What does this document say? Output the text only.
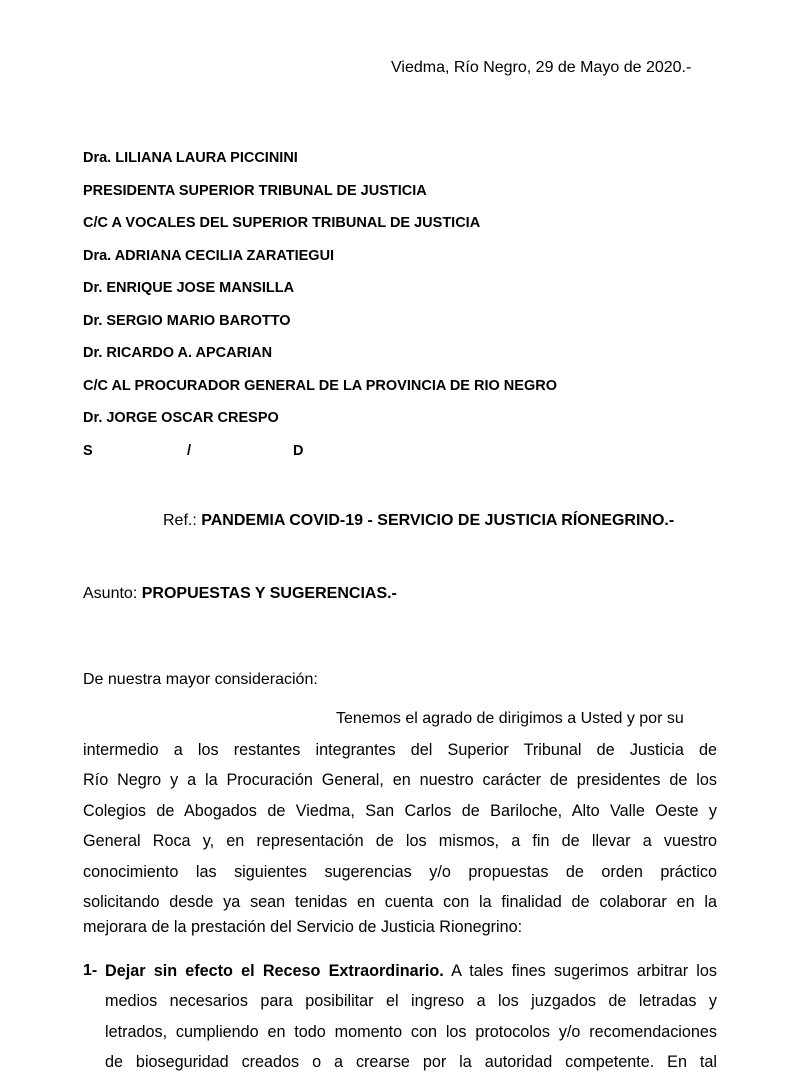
Viedma, Río Negro, 29 de Mayo de 2020.-
Dra. LILIANA LAURA PICCININI
PRESIDENTA SUPERIOR TRIBUNAL DE JUSTICIA
C/C A VOCALES DEL SUPERIOR TRIBUNAL DE JUSTICIA
Dra. ADRIANA CECILIA ZARATIEGUI
Dr. ENRIQUE JOSE MANSILLA
Dr. SERGIO MARIO BAROTTO
Dr. RICARDO A. APCARIAN
C/C AL PROCURADOR GENERAL DE LA PROVINCIA DE RIO NEGRO
Dr. JORGE OSCAR CRESPO
S	/	D

Ref.: PANDEMIA COVID-19 - SERVICIO DE JUSTICIA RÍONEGRINO.-
Asunto: PROPUESTAS Y SUGERENCIAS.-
De nuestra mayor consideración:
Tenemos el agrado de dirigimos a Usted y por su
intermedio a los restantes integrantes del Superior Tribunal de Justicia de
Río Negro y a la Procuración General, en nuestro carácter de presidentes de los
Colegios de Abogados de Viedma, San Carlos de Bariloche, Alto Valle Oeste y
General Roca y, en representación de los mismos, a fin de llevar a vuestro
conocimiento las siguientes sugerencias y/o propuestas de orden práctico
solicitando desde ya sean tenidas en cuenta con la finalidad de colaborar en la
mejorara de la prestación del Servicio de Justicia Rionegrino:
1- Dejar sin efecto el Receso Extraordinario. A tales fines sugerimos arbitrar los
medios necesarios para posibilitar el ingreso a los juzgados de letradas y
letrados, cumpliendo en todo momento con los protocolos y/o recomendaciones
de bioseguridad creados o a crearse por la autoridad competente. En tal
